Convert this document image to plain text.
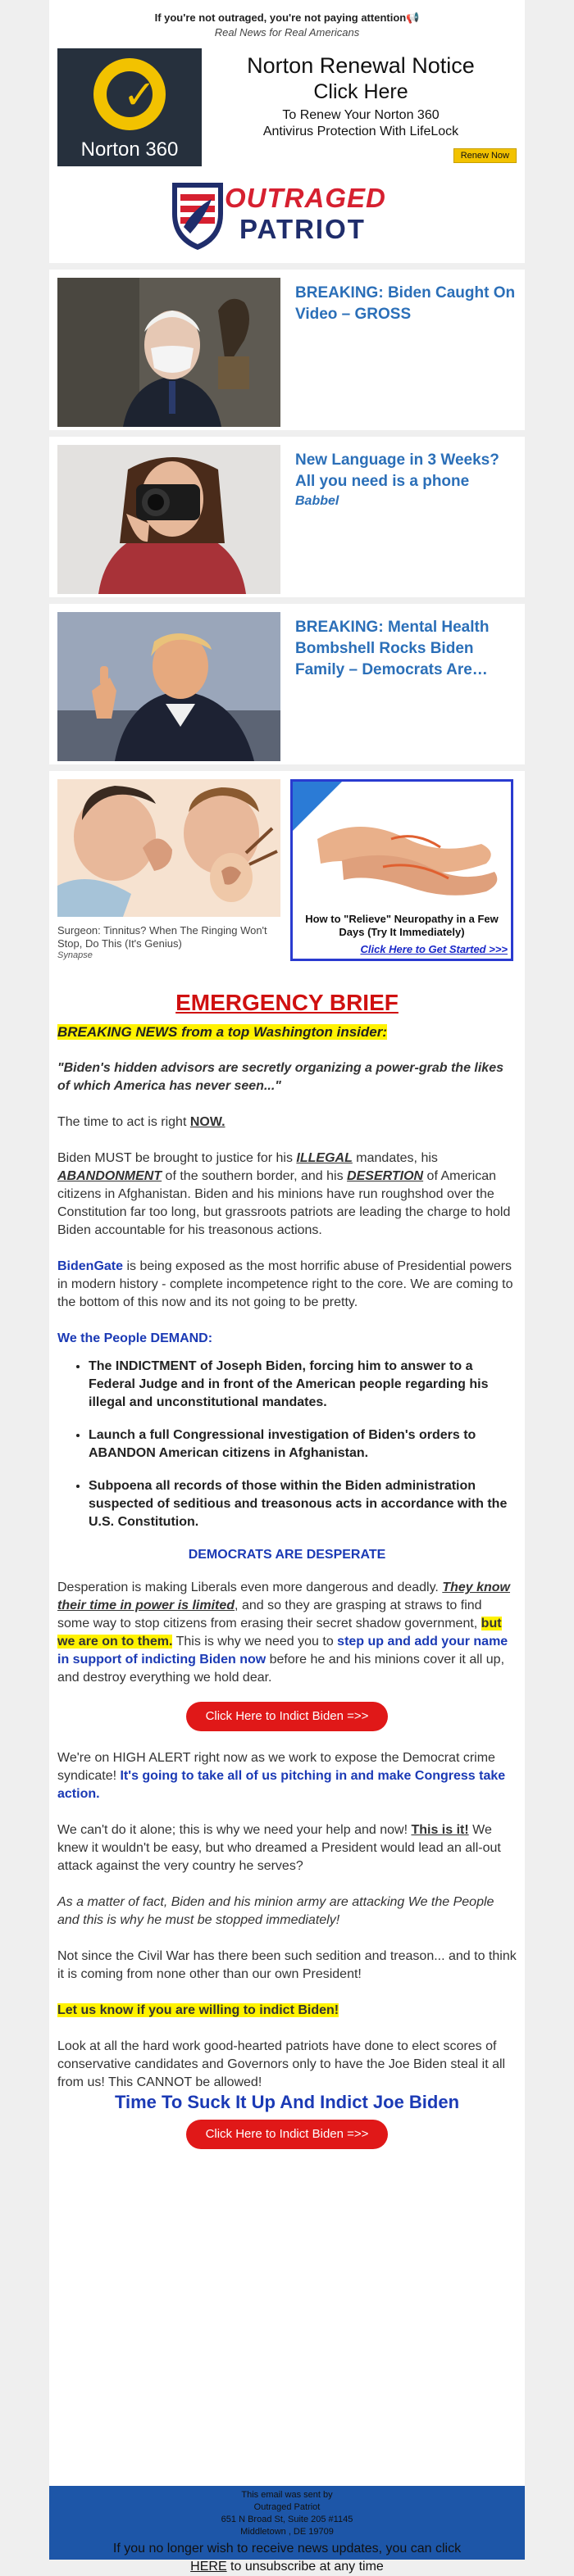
If you're not outraged, you're not paying attention📢
Real News for Real Americans
✓
Norton 360
Norton Renewal Notice
Click Here
To Renew Your Norton 360
Antivirus Protection With LifeLock
Renew Now
OUTRAGED
PATRIOT
BREAKING: Biden Caught On Video – GROSS
New Language in 3 Weeks? All you need is a phone
Babbel
BREAKING: Mental Health Bombshell Rocks Biden Family – Democrats Are…
Surgeon: Tinnitus? When The Ringing Won't Stop, Do This (It's Genius)
Synapse
How to "Relieve" Neuropathy in a Few Days (Try It Immediately)
Click Here to Get Started >>>
EMERGENCY BRIEF
BREAKING NEWS from a top Washington insider:
"Biden's hidden advisors are secretly organizing a power-grab the likes of which America has never seen..."

The time to act is right NOW.

Biden MUST be brought to justice for his ILLEGAL mandates, his ABANDONMENT of the southern border, and his DESERTION of American citizens in Afghanistan. Biden and his minions have run roughshod over the Constitution far too long, but grassroots patriots are leading the charge to hold Biden accountable for his treasonous actions.

BidenGate is being exposed as the most horrific abuse of Presidential powers in modern history - complete incompetence right to the core. We are coming to the bottom of this now and its not going to be pretty.

We the People DEMAND:
• The INDICTMENT of Joseph Biden, forcing him to answer to a Federal Judge and in front of the American people regarding his illegal and unconstitutional mandates.
• Launch a full Congressional investigation of Biden's orders to ABANDON American citizens in Afghanistan.
• Subpoena all records of those within the Biden administration suspected of seditious and treasonous acts in accordance with the U.S. Constitution.
DEMOCRATS ARE DESPERATE

Desperation is making Liberals even more dangerous and deadly. They know their time in power is limited, and so they are grasping at straws to find some way to stop citizens from erasing their secret shadow government, but we are on to them. This is why we need you to step up and add your name in support of indicting Biden now before he and his minions cover it all up, and destroy everything we hold dear.

Click Here to Indict Biden =>>

We're on HIGH ALERT right now as we work to expose the Democrat crime syndicate! It's going to take all of us pitching in and make Congress take action.

We can't do it alone; this is why we need your help and now! This is it! We knew it wouldn't be easy, but who dreamed a President would lead an all-out attack against the very country he serves?

As a matter of fact, Biden and his minion army are attacking We the People and this is why he must be stopped immediately!

Not since the Civil War has there been such sedition and treason... and to think it is coming from none other than our own President!

Let us know if you are willing to indict Biden!

Look at all the hard work good-hearted patriots have done to elect scores of conservative candidates and Governors only to have the Joe Biden steal it all from us! This CANNOT be allowed!

Time To Suck It Up And Indict Joe Biden
Click Here to Indict Biden =>>
This email was sent by
Outraged Patriot
651 N Broad St, Suite 205 #1145
Middletown , DE 19709
If you no longer wish to receive news updates, you can click
HERE to unsubscribe at any time
